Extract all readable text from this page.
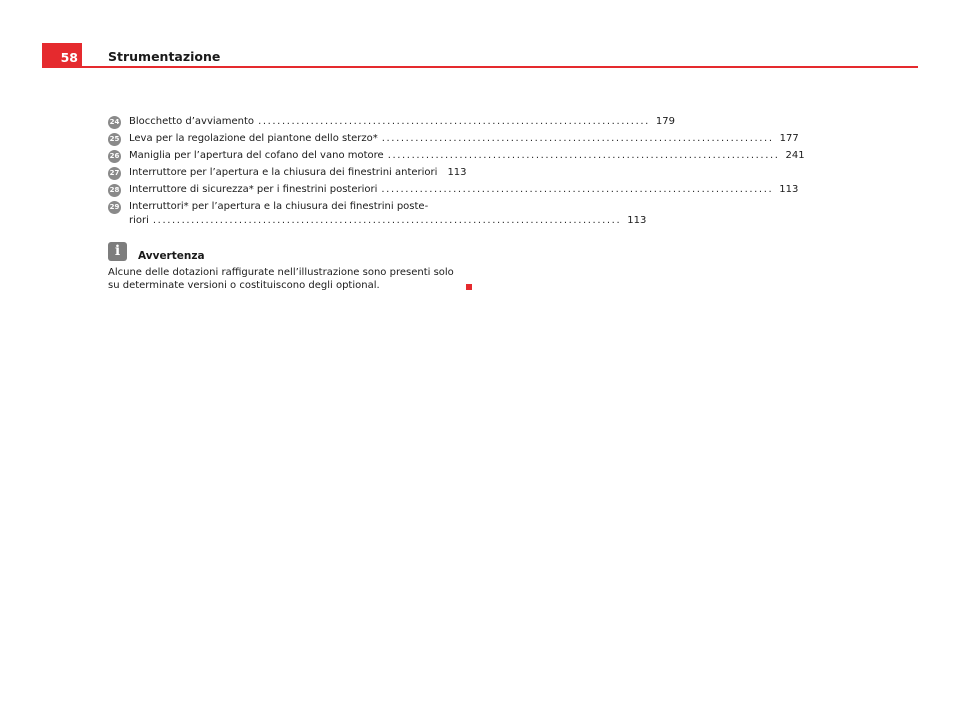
58	Strumentazione
24 Blocchetto d’avviamento .................................................................................. 179
25 Leva per la regolazione del piantone dello sterzo* .................................................................................. 177
26 Maniglia per l’apertura del cofano del vano motore .................................................................................. 241
27 Interruttore per l’apertura e la chiusura dei finestrini anteriori 113
28 Interruttore di sicurezza* per i finestrini posteriori .................................................................................. 113
29 Interruttori* per l’apertura e la chiusura dei finestrini poste-
riori .................................................................................................. 113
i	Avvertenza
Alcune delle dotazioni raffigurate nell’illustrazione sono presenti solo su determinate versioni o costituiscono degli optional.
